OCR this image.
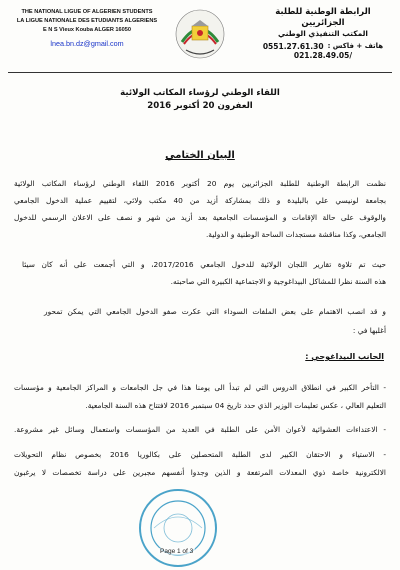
THE NATIONAL LIGUE OF ALGERIEN STUDENTS
LA LIGUE NATIONALE DES ETUDIANTS ALGERIENS
E N S Vieux Kouba ALGER 16050
lnea.bn.dz@gmail.com
الرابطة الوطنية للطلبة الجزائريين
المكتب التنفيذي الوطني
هاتف + فاكس :
0551.27.61.30
021.28.49.05/
اللقاء الوطني لرؤساء المكاتب الولائية
العفرون 20 أكتوبر 2016
البيان الختامي
نظمت الرابطة الوطنية للطلبة الجزائريين يوم 20 أكتوبر 2016 اللقاء الوطني لرؤساء المكاتب الولائية
بجامعة لونيسي علي بالبليدة و ذلك بمشاركة أزيد من 40 مكتب ولائي، لتقييم عملية الدخول الجامعي
والوقوف على حالة الإقامات و المؤسسات الجامعية بعد أزيد من شهر و نصف على الاعلان الرسمي للدخول
الجامعي، وكذا مناقشة مستجدات الساحة الوطنية و الدولية.
حيث تم تلاوة تقارير اللجان الولائية للدخول الجامعي 2017/2016، و التي أجمعت على أنه كان سيئا
هذه السنة نظرا للمشاكل البيداغوجية و الاجتماعية الكبيرة التي صاحبته.
و قد انصب الاهتمام على بعض الملفات السوداء التي عكرت صفو الدخول الجامعي التي يمكن تمحور
أغلبها في :
الجانب البيداغوجي :
- التأخر الكبير في انطلاق الدروس التي لم تبدأ الى يومنا هذا في جل الجامعات و المراكز الجامعية و مؤسسات
التعليم العالي ، عكس تعليمات الوزير الذي حدد تاريخ 04 سبتمبر 2016 لافتتاح هذه السنة الجامعية.
- الاعتداءات العشوائية لأعوان الأمن على الطلبة في العديد من المؤسسات واستعمال وسائل غير مشروعة.
- الاستياء و الاحتقان الكبير لدى الطلبة المتحصلين على بكالوريا 2016 بخصوص نظام التحويلات
الالكترونية خاصة ذوي المعدلات المرتفعة و الذين وجدوا أنفسهم مجبرين على دراسة تخصصات لا يرغبون
Page 1 of 3
